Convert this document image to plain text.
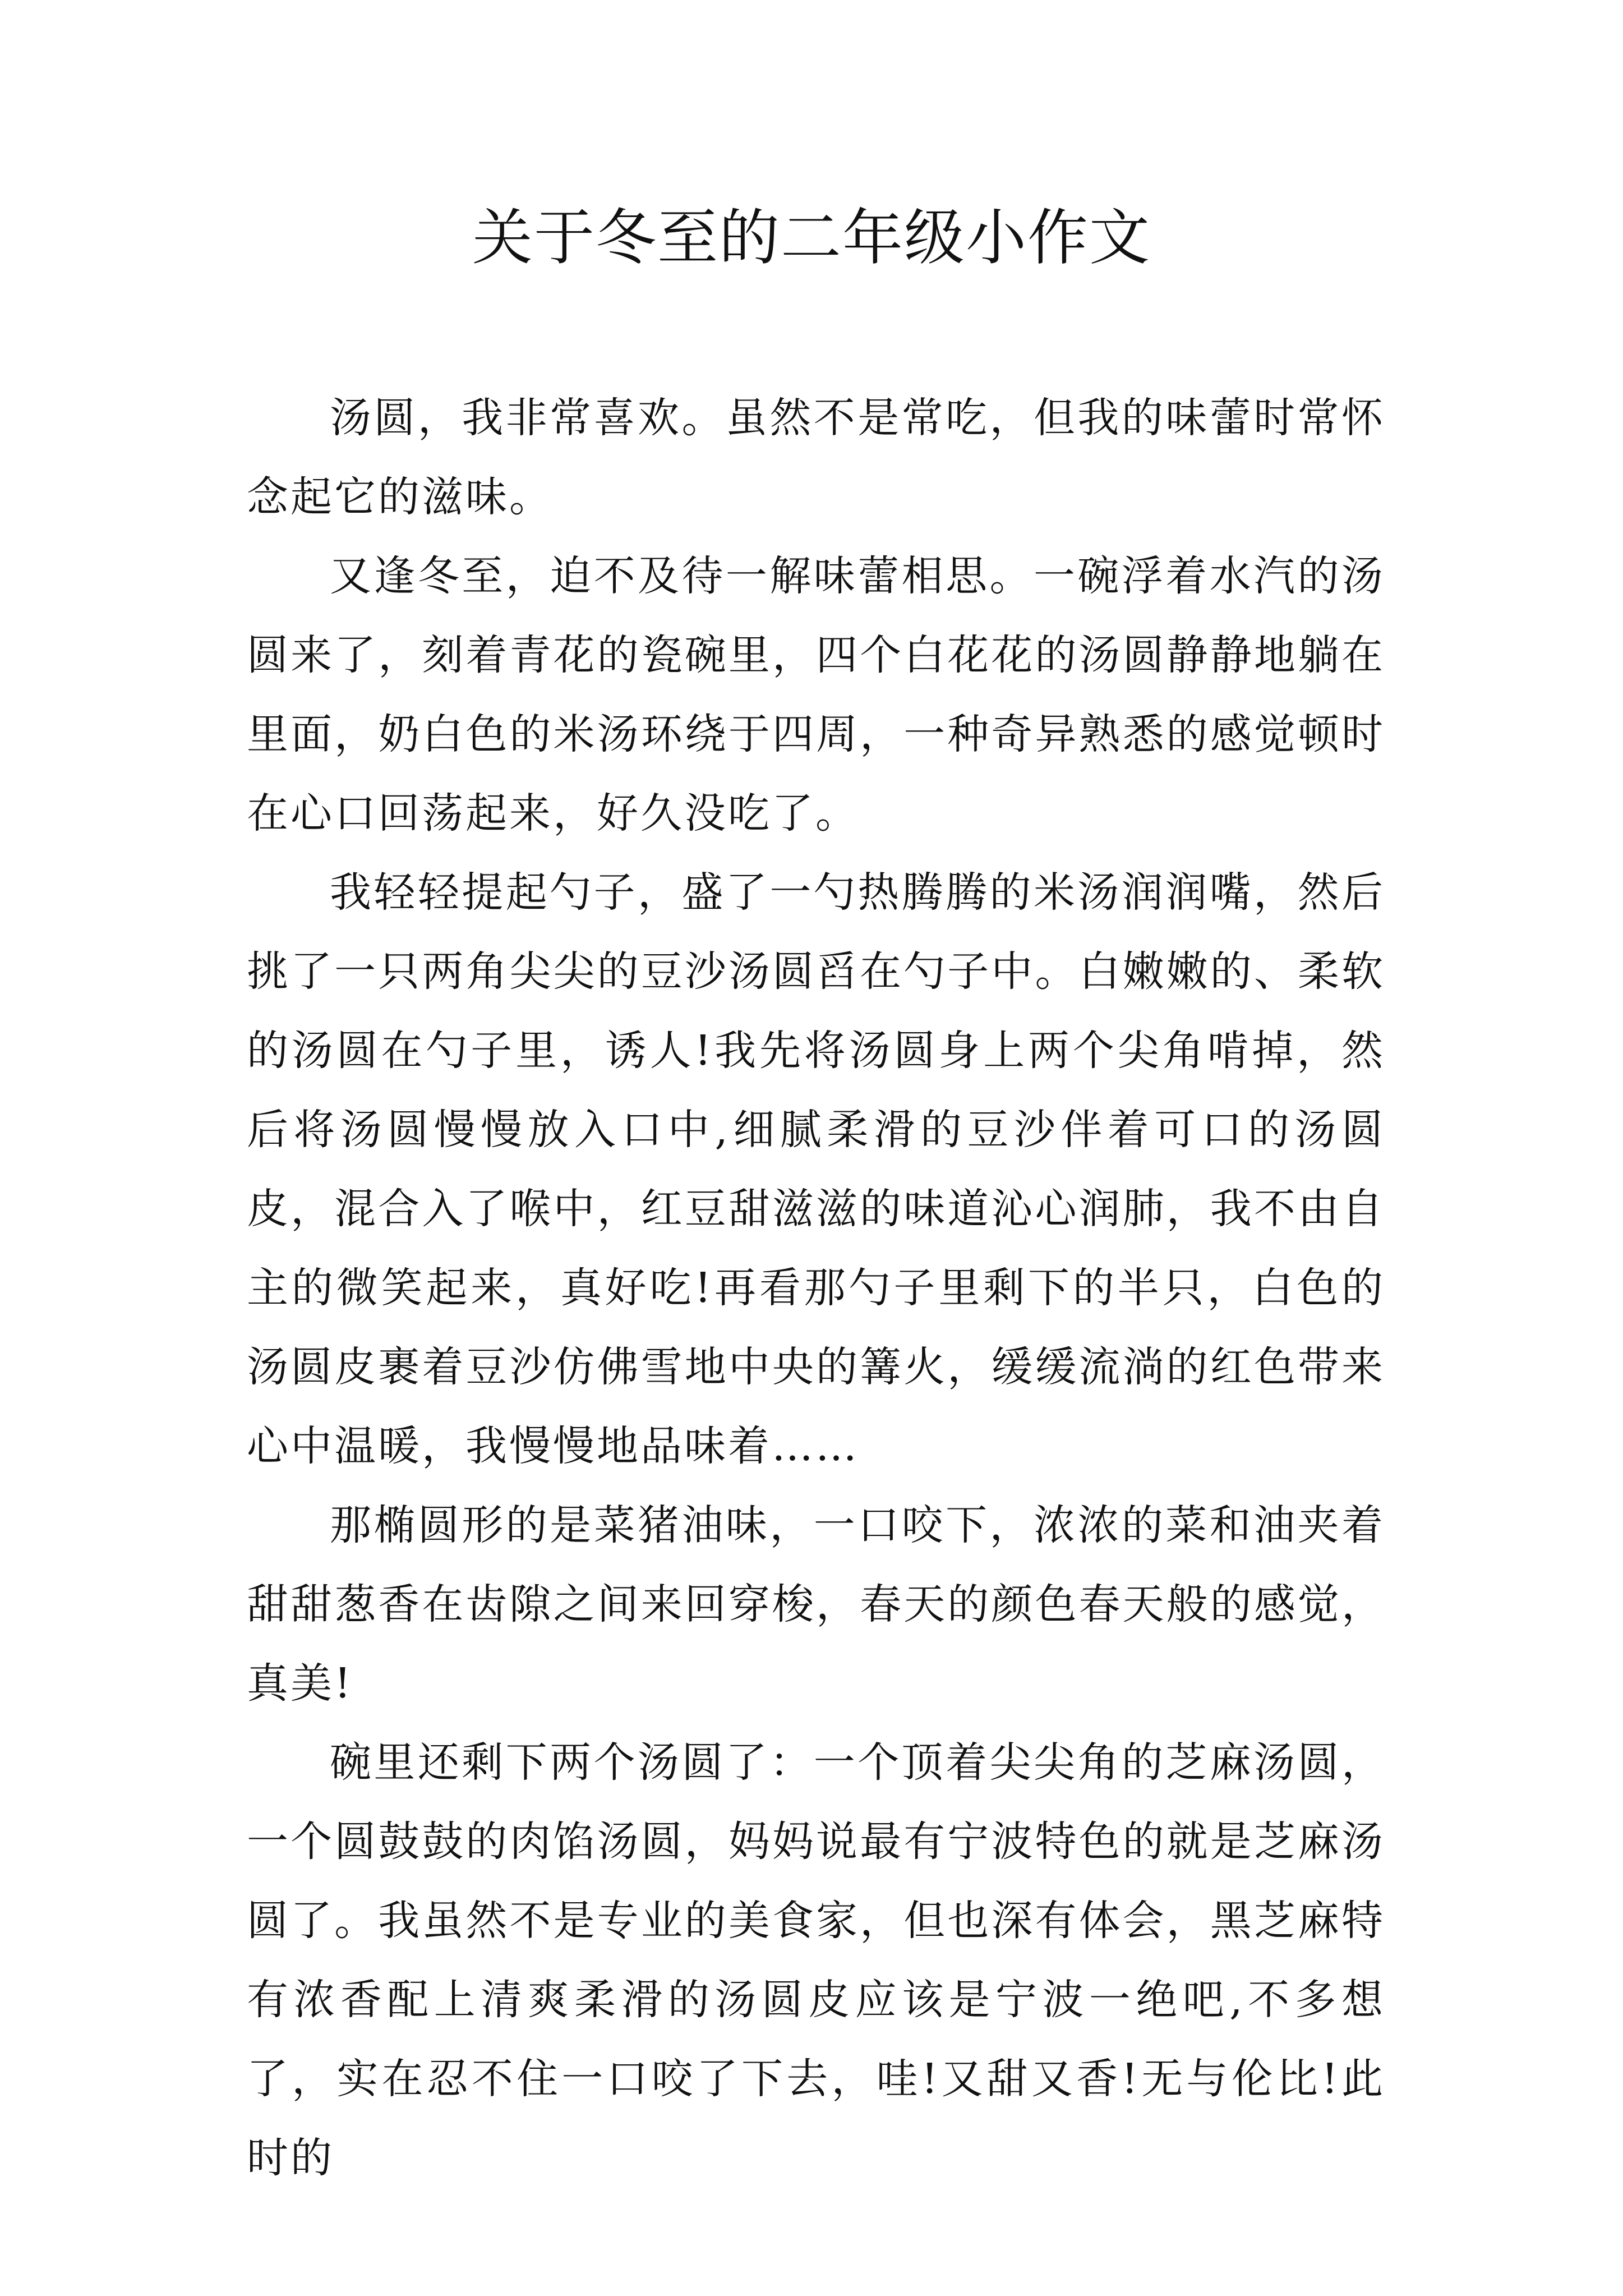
关于冬至的二年级小作文

汤圆，我非常喜欢。虽然不是常吃，但我的味蕾时常怀念起它的滋味。

又逢冬至，迫不及待一解味蕾相思。一碗浮着水汽的汤圆来了，刻着青花的瓷碗里，四个白花花的汤圆静静地躺在里面，奶白色的米汤环绕于四周，一种奇异熟悉的感觉顿时在心口回荡起来，好久没吃了。

我轻轻提起勺子，盛了一勺热腾腾的米汤润润嘴，然后挑了一只两角尖尖的豆沙汤圆舀在勺子中。白嫩嫩的、柔软的汤圆在勺子里，诱人!我先将汤圆身上两个尖角啃掉，然后将汤圆慢慢放入口中,细腻柔滑的豆沙伴着可口的汤圆皮，混合入了喉中，红豆甜滋滋的味道沁心润肺，我不由自主的微笑起来，真好吃!再看那勺子里剩下的半只，白色的汤圆皮裹着豆沙仿佛雪地中央的篝火，缓缓流淌的红色带来心中温暖，我慢慢地品味着……

那椭圆形的是菜猪油味，一口咬下，浓浓的菜和油夹着甜甜葱香在齿隙之间来回穿梭，春天的颜色春天般的感觉，真美!

碗里还剩下两个汤圆了：一个顶着尖尖角的芝麻汤圆，一个圆鼓鼓的肉馅汤圆，妈妈说最有宁波特色的就是芝麻汤圆了。我虽然不是专业的美食家，但也深有体会，黑芝麻特有浓香配上清爽柔滑的汤圆皮应该是宁波一绝吧,不多想了，实在忍不住一口咬了下去，哇!又甜又香!无与伦比!此时的
